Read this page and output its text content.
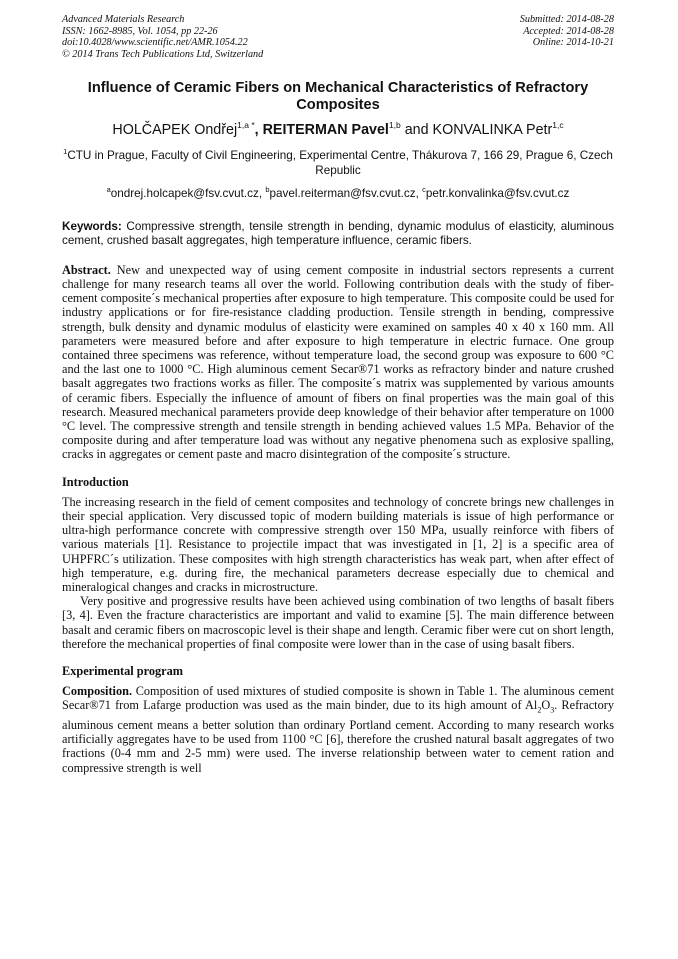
Advanced Materials Research
ISSN: 1662-8985, Vol. 1054, pp 22-26
doi:10.4028/www.scientific.net/AMR.1054.22
© 2014 Trans Tech Publications Ltd, Switzerland
Submitted: 2014-08-28
Accepted: 2014-08-28
Online: 2014-10-21
Influence of Ceramic Fibers on Mechanical Characteristics of Refractory Composites
HOLČAPEK Ondřej$^{1,a *}$, REITERMAN Pavel$^{1,b}$ and KONVALINKA Petr$^{1,c}$
$^1$CTU in Prague, Faculty of Civil Engineering, Experimental Centre, Thákurova 7, 166 29, Prague 6, Czech Republic
$^a$ondrej.holcapek@fsv.cvut.cz, $^b$pavel.reiterman@fsv.cvut.cz, $^c$petr.konvalinka@fsv.cvut.cz
Keywords: Compressive strength, tensile strength in bending, dynamic modulus of elasticity, aluminous cement, crushed basalt aggregates, high temperature influence, ceramic fibers.
Abstract. New and unexpected way of using cement composite in industrial sectors represents a current challenge for many research teams all over the world. Following contribution deals with the study of fiber-cement composite´s mechanical properties after exposure to high temperature. This composite could be used for industry applications or for fire-resistance cladding production. Tensile strength in bending, compressive strength, bulk density and dynamic modulus of elasticity were examined on samples 40 x 40 x 160 mm. All parameters were measured before and after exposure to high temperature in electric furnace. One group contained three specimens was reference, without temperature load, the second group was exposure to 600 °C and the last one to 1000 °C. High aluminous cement Secar®71 works as refractory binder and nature crushed basalt aggregates two fractions works as filler. The composite´s matrix was supplemented by various amounts of ceramic fibers. Especially the influence of amount of fibers on final properties was the main goal of this research. Measured mechanical parameters provide deep knowledge of their behavior after temperature on 1000 °C level. The compressive strength and tensile strength in bending achieved values 1.5 MPa. Behavior of the composite during and after temperature load was without any negative phenomena such as explosive spalling, cracks in aggregates or cement paste and macro disintegration of the composite´s structure.
Introduction

The increasing research in the field of cement composites and technology of concrete brings new challenges in their special application. Very discussed topic of modern building materials is issue of high performance or ultra-high performance concrete with compressive strength over 150 MPa, usually reinforce with fibers of various materials [1]. Resistance to projectile impact that was investigated in [1, 2] is a specific area of UHPFRC´s utilization. These composites with high strength characteristics has weak part, when after effect of high temperature, e.g. during fire, the mechanical parameters decrease especially due to chemical and mineralogical changes and cracks in microstructure.

Very positive and progressive results have been achieved using combination of two lengths of basalt fibers [3, 4]. Even the fracture characteristics are important and valid to examine [5]. The main difference between basalt and ceramic fibers on macroscopic level is their shape and length. Ceramic fiber were cut on short length, therefore the mechanical properties of final composite were lower than in the case of using basalt fibers.

Experimental program
Composition. Composition of used mixtures of studied composite is shown in Table 1. The aluminous cement Secar®71 from Lafarge production was used as the main binder, due to its high amount of $Al_2O_3$. Refractory aluminous cement means a better solution than ordinary Portland cement. According to many research works artificially aggregates have to be used from 1100 °C [6], therefore the crushed natural basalt aggregates of two fractions (0-4 mm and 2-5 mm) were used. The inverse relationship between water to cement ration and compressive strength is well
